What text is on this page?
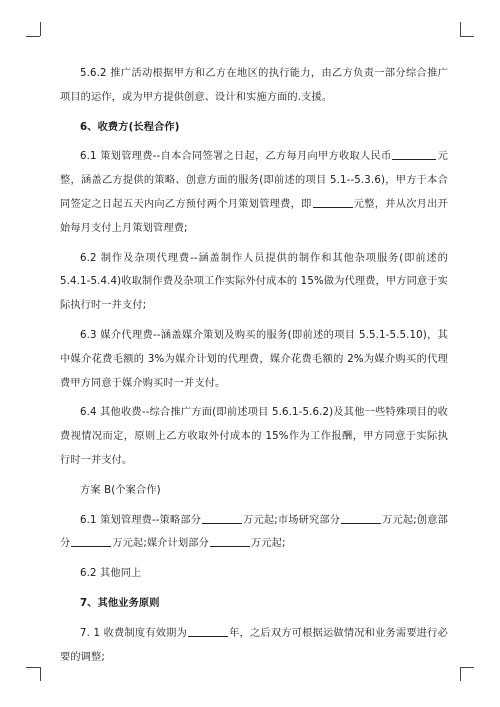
5.6.2 推广活动根据甲方和乙方在地区的执行能力，由乙方负责一部分综合推广项目的运作，或为甲方提供创意、设计和实施方面的.支援。

6、收费方(长程合作)

6.1 策划管理费--自本合同签署之日起，乙方每月向甲方收取人民币	元整，涵盖乙方提供的策略、创意方面的服务(即前述的项目 5.1--5.3.6)，甲方于本合同签定之日起五天内向乙方预付两个月策划管理费，即	元整，并从次月出开始每月支付上月策划管理费;

6.2 制作及杂项代理费--涵盖制作人员提供的制作和其他杂项服务(即前述的 5.4.1-5.4.4)收取制作费及杂项工作实际外付成本的 15%做为代理费，甲方同意于实际执行时一并支付;

6.3 媒介代理费--涵盖媒介策划及购买的服务(即前述的项目 5.5.1-5.5.10)，其中媒介花费毛额的 3%为媒介计划的代理费，媒介花费毛额的 2%为媒介购买的代理费甲方同意于媒介购买时一并支付。

6.4 其他收费--综合推广方面(即前述项目 5.6.1-5.6.2)及其他一些特殊项目的收费视情况而定，原则上乙方收取外付成本的 15%作为工作报酬，甲方同意于实际执行时一并支付。

方案 B(个案合作)

6.1 策划管理费--策略部分	万元起;市场研究部分	万元起;创意部分	万元起;媒介计划部分	万元起;

6.2 其他同上

7、其他业务原则

7. 1 收费制度有效期为	年，之后双方可根据运做情况和业务需要进行必要的调整;
